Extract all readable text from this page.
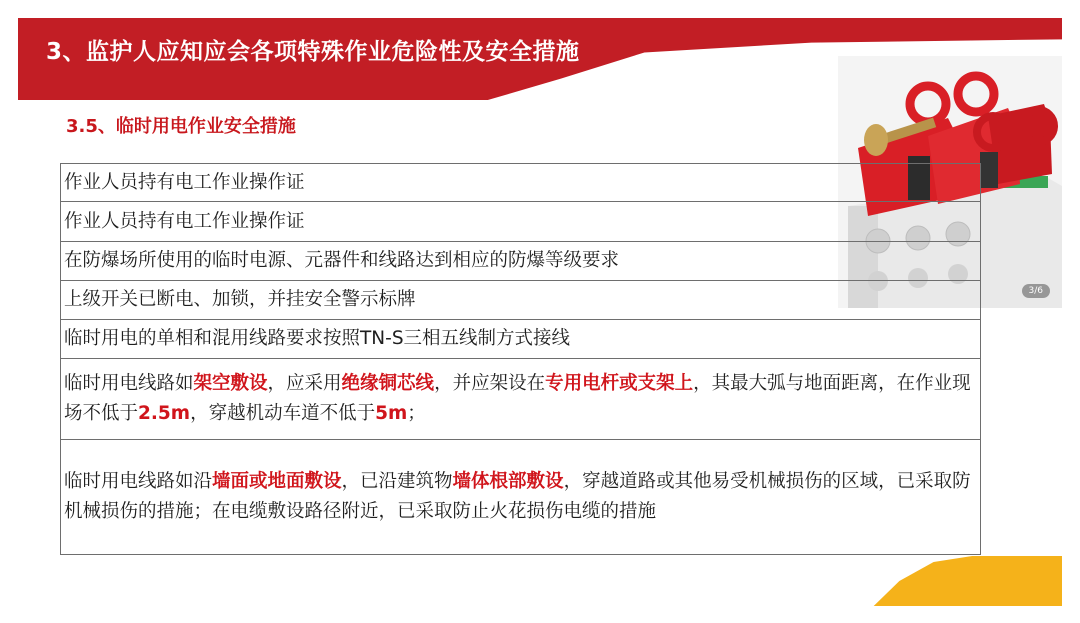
3、监护人应知应会各项特殊作业危险性及安全措施
3.5、临时用电作业安全措施
3/6
作业人员持有电工作业操作证
作业人员持有电工作业操作证
在防爆场所使用的临时电源、元器件和线路达到相应的防爆等级要求
上级开关已断电、加锁，并挂安全警示标牌
临时用电的单相和混用线路要求按照TN-S三相五线制方式接线
临时用电线路如架空敷设，应采用绝缘铜芯线，并应架设在专用电杆或支架上，其最大弧与地面距离，在作业现场不低于2.5m，穿越机动车道不低于5m；
临时用电线路如沿墙面或地面敷设，已沿建筑物墙体根部敷设，穿越道路或其他易受机械损伤的区域，已采取防机械损伤的措施；在电缆敷设路径附近，已采取防止火花损伤电缆的措施
